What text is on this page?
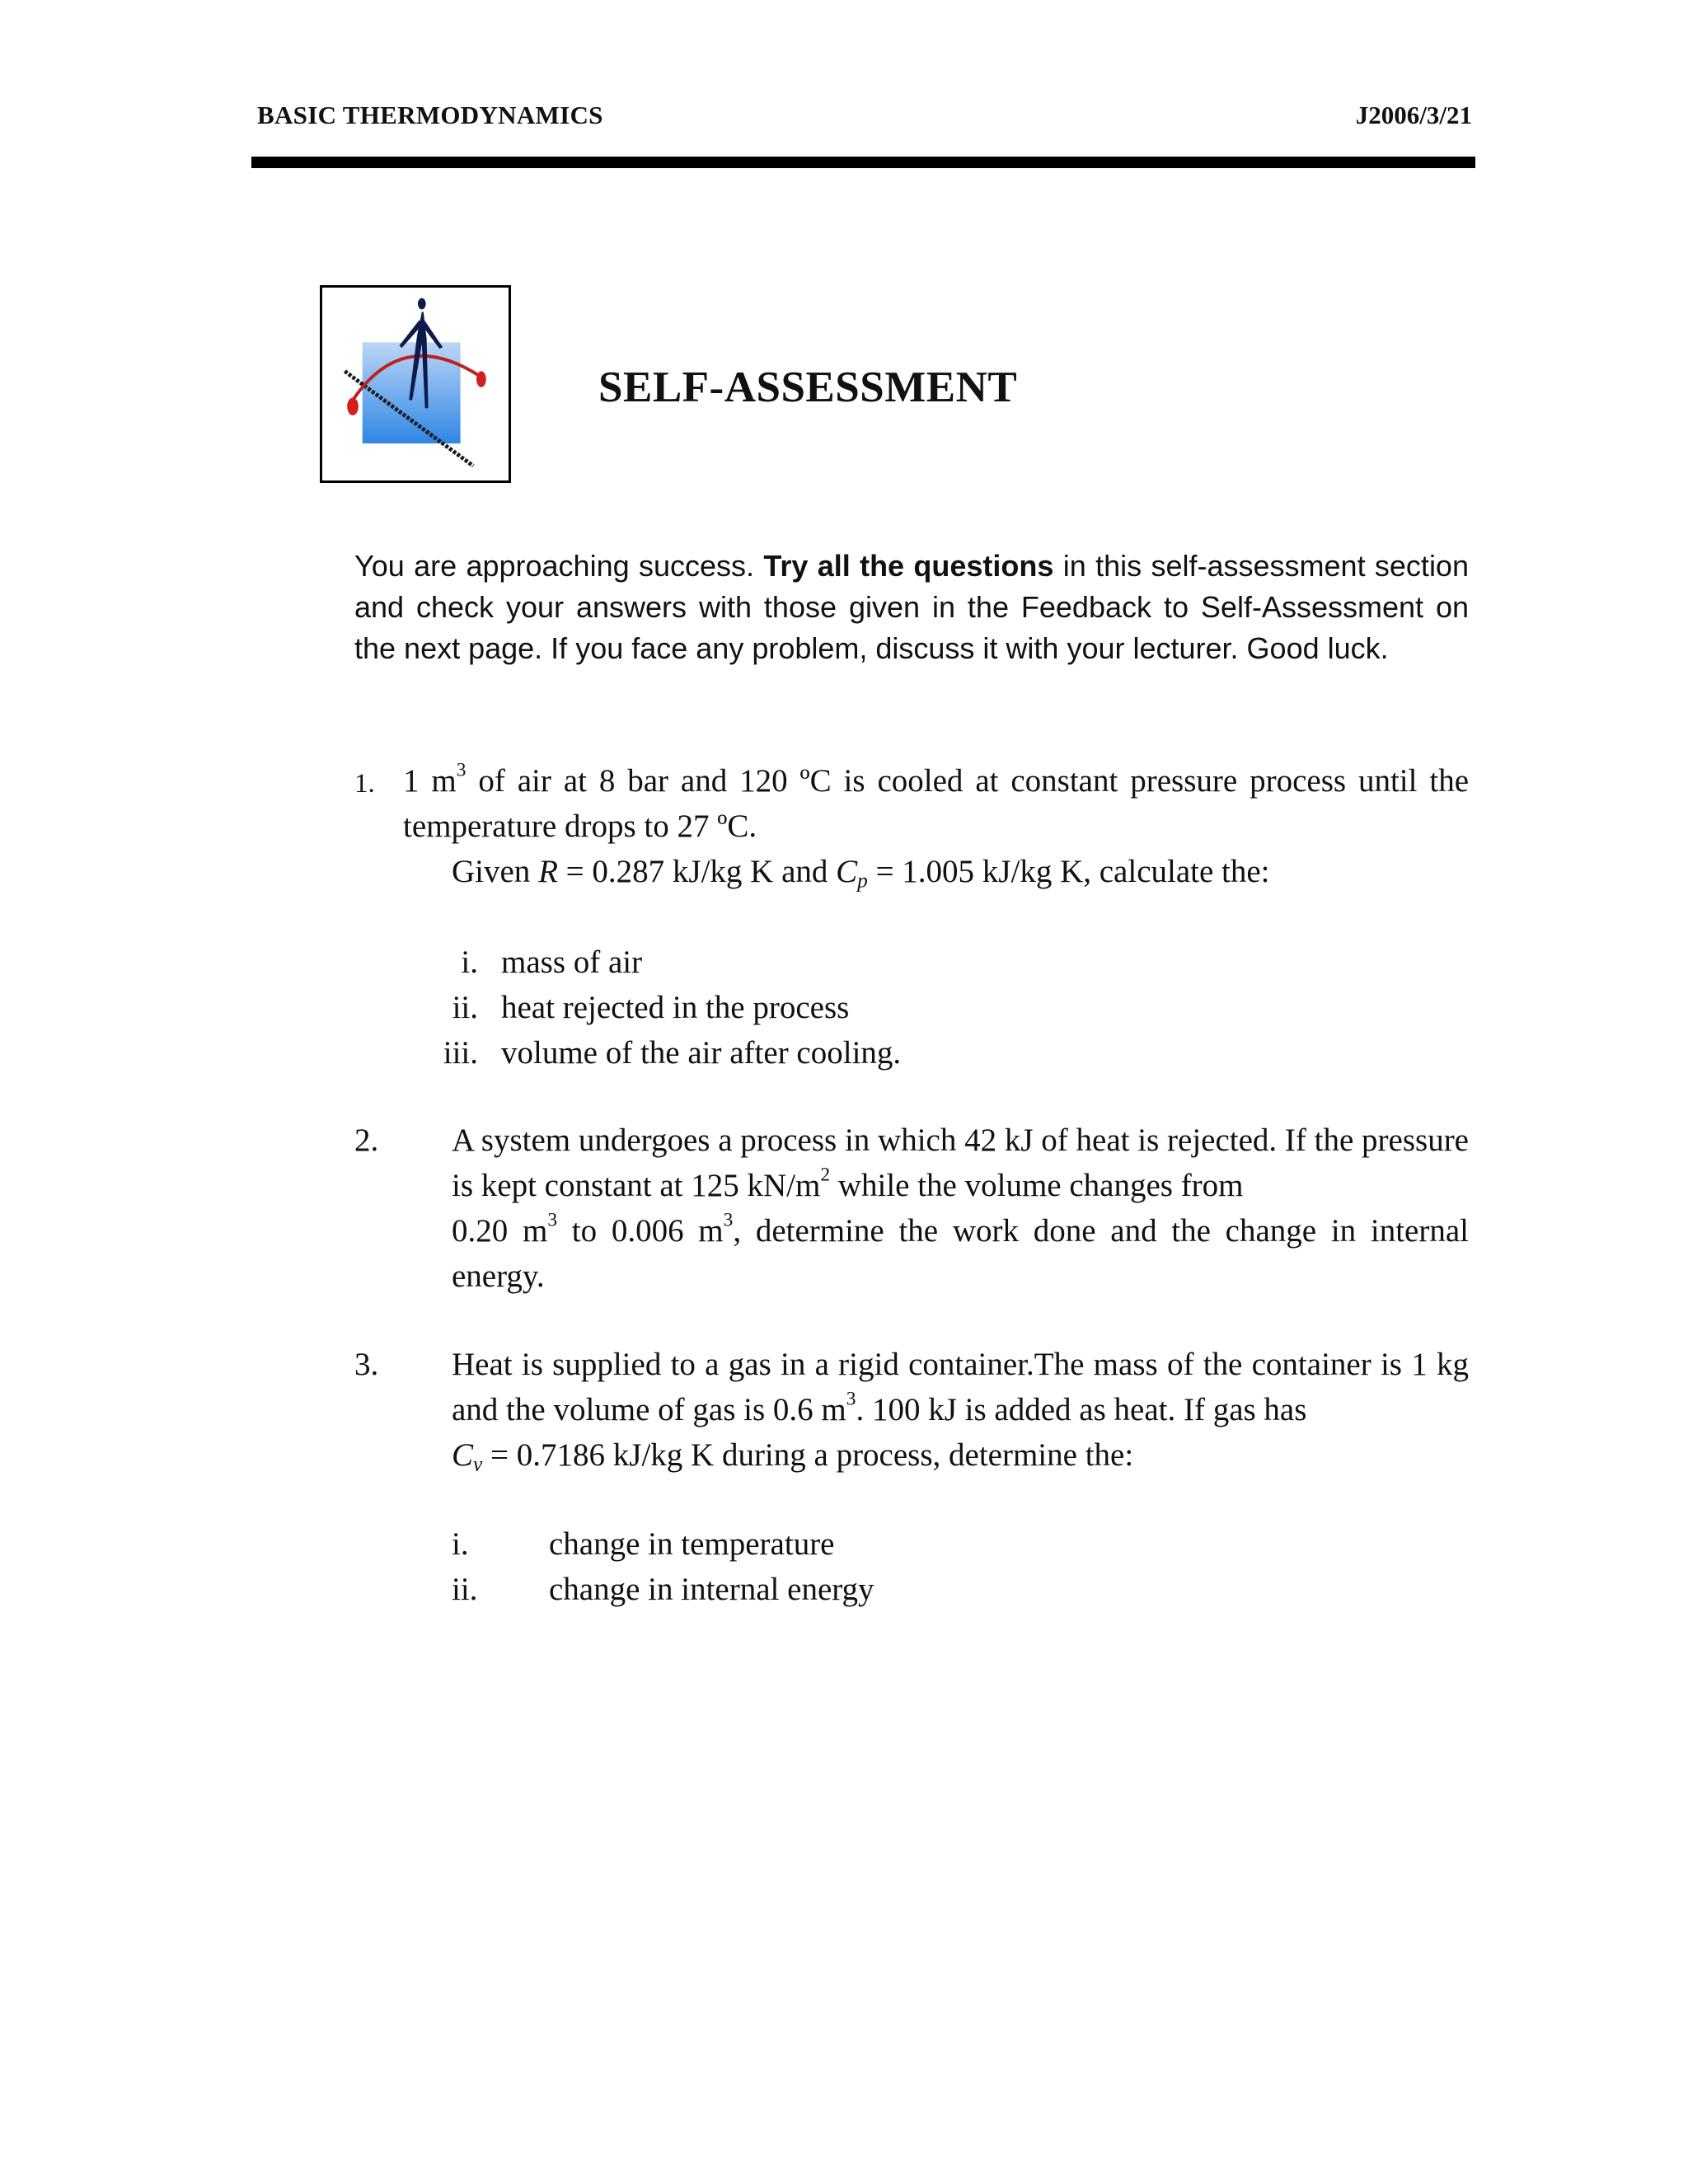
BASIC THERMODYNAMICS	J2006/3/21
SELF-ASSESSMENT
You are approaching success. Try all the questions in this self-assessment section and check your answers with those given in the Feedback to Self-Assessment on the next page. If you face any problem, discuss it with your lecturer. Good luck.
1. 1 $m^3$ of air at 8 bar and 120 ºC is cooled at constant pressure process until the temperature drops to 27 ºC.
Given R = 0.287 kJ/kg K and $C_p = 1.005$ kJ/kg K, calculate the:
i. mass of air
ii. heat rejected in the process
iii. volume of the air after cooling.
2. A system undergoes a process in which 42 kJ of heat is rejected. If the pressure is kept constant at 125 $kN/m^2$ while the volume changes from
0.20 $m^3$ to 0.006 $m^3$, determine the work done and the change in internal energy.
3. Heat is supplied to a gas in a rigid container.The mass of the container is 1 kg and the volume of gas is 0.6 $m^3$. 100 kJ is added as heat. If gas has
$C_v = 0.7186$ kJ/kg K during a process, determine the:
i. change in temperature
ii. change in internal energy
